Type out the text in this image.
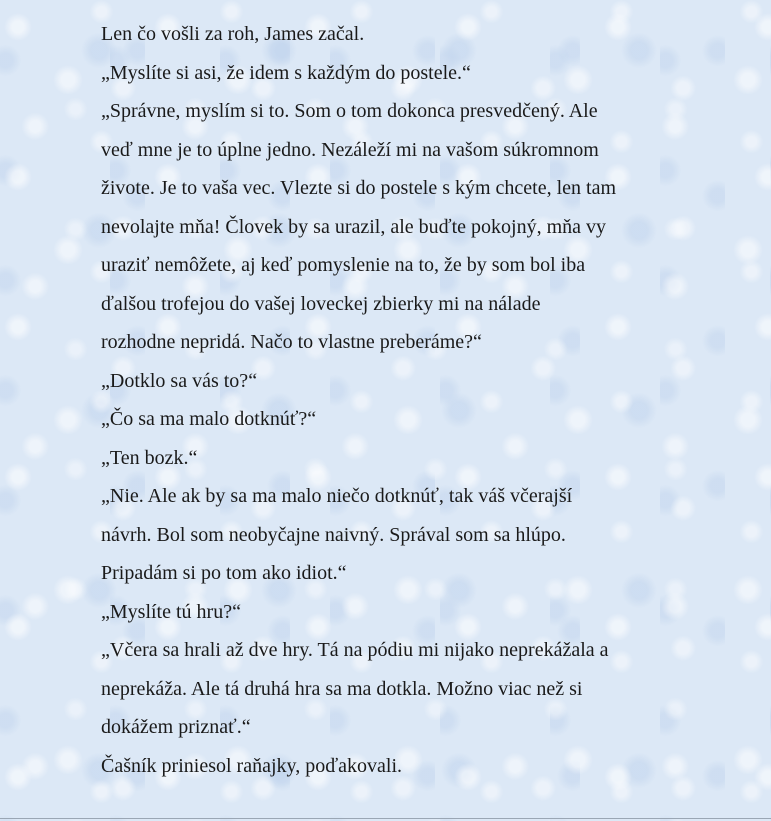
Len čo vošli za roh, James začal.
„Myslíte si asi, že idem s každým do postele.“
„Správne, myslím si to. Som o tom dokonca presvedčený. Ale
veď mne je to úplne jedno. Nezáleží mi na vašom súkromnom
živote. Je to vaša vec. Vlezte si do postele s kým chcete, len tam
nevolajte mňa! Človek by sa urazil, ale buďte pokojný, mňa vy
uraziť nemôžete, aj keď pomyslenie na to, že by som bol iba
ďalšou trofejou do vašej loveckej zbierky mi na nálade
rozhodne nepridá. Načo to vlastne preberáme?“
„Dotklo sa vás to?“
„Čo sa ma malo dotknúť?“
„Ten bozk.“
„Nie. Ale ak by sa ma malo niečo dotknúť, tak váš včerajší
návrh. Bol som neobyčajne naivný. Správal som sa hlúpo.
Pripadám si po tom ako idiot.“
„Myslíte tú hru?“
„Včera sa hrali až dve hry. Tá na pódiu mi nijako neprekážala a
neprekáža. Ale tá druhá hra sa ma dotkla. Možno viac než si
dokážem priznať.“
Čašník priniesol raňajky, poďakovali.
